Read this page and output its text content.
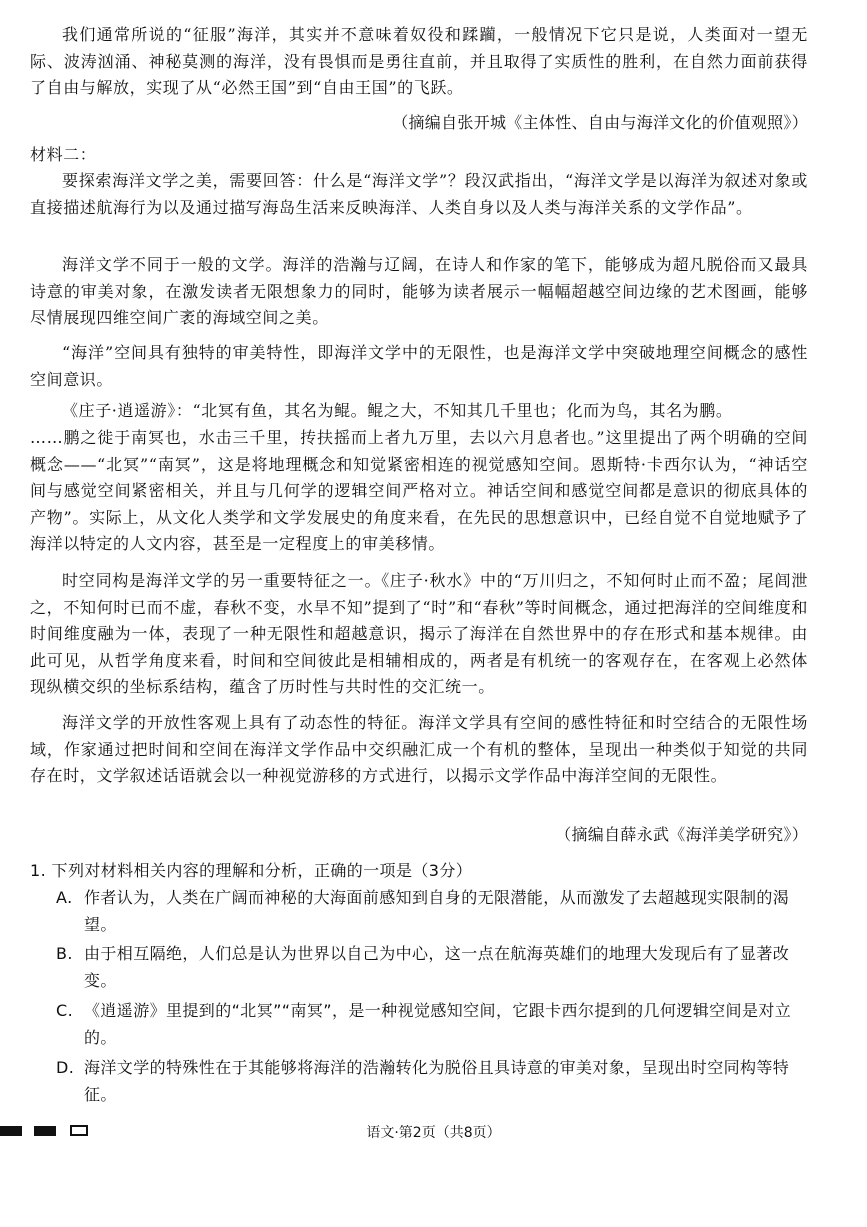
我们通常所说的“征服”海洋，其实并不意味着奴役和蹂躏，一般情况下它只是说，人类面对一望无际、波涛汹涌、神秘莫测的海洋，没有畏惧而是勇往直前，并且取得了实质性的胜利，在自然力面前获得了自由与解放，实现了从“必然王国”到“自由王国”的飞跃。

（摘编自张开城《主体性、自由与海洋文化的价值观照》）

材料二：

要探索海洋文学之美，需要回答：什么是“海洋文学”？段汉武指出，“海洋文学是以海洋为叙述对象或直接描述航海行为以及通过描写海岛生活来反映海洋、人类自身以及人类与海洋关系的文学作品”。

海洋文学不同于一般的文学。海洋的浩瀚与辽阔，在诗人和作家的笔下，能够成为超凡脱俗而又最具诗意的审美对象，在激发读者无限想象力的同时，能够为读者展示一幅幅超越空间边缘的艺术图画，能够尽情展现四维空间广袤的海域空间之美。

“海洋”空间具有独特的审美特性，即海洋文学中的无限性，也是海洋文学中突破地理空间概念的感性空间意识。

《庄子·逍遥游》：“北冥有鱼，其名为鲲。鲲之大，不知其几千里也；化而为鸟，其名为鹏。

……鹏之徙于南冥也，水击三千里，抟扶摇而上者九万里，去以六月息者也。”这里提出了两个明确的空间概念——“北冥”“南冥”，这是将地理概念和知觉紧密相连的视觉感知空间。恩斯特·卡西尔认为，“神话空间与感觉空间紧密相关，并且与几何学的逻辑空间严格对立。神话空间和感觉空间都是意识的彻底具体的产物”。实际上，从文化人类学和文学发展史的角度来看，在先民的思想意识中，已经自觉不自觉地赋予了海洋以特定的人文内容，甚至是一定程度上的审美移情。

时空同构是海洋文学的另一重要特征之一。《庄子·秋水》中的“万川归之，不知何时止而不盈；尾闾泄之，不知何时已而不虚，春秋不变，水旱不知”提到了“时”和“春秋”等时间概念，通过把海洋的空间维度和时间维度融为一体，表现了一种无限性和超越意识，揭示了海洋在自然世界中的存在形式和基本规律。由此可见，从哲学角度来看，时间和空间彼此是相辅相成的，两者是有机统一的客观存在，在客观上必然体现纵横交织的坐标系结构，蕴含了历时性与共时性的交汇统一。

海洋文学的开放性客观上具有了动态性的特征。海洋文学具有空间的感性特征和时空结合的无限性场域，作家通过把时间和空间在海洋文学作品中交织融汇成一个有机的整体，呈现出一种类似于知觉的共同存在时，文学叙述话语就会以一种视觉游移的方式进行，以揭示文学作品中海洋空间的无限性。

（摘编自薛永武《海洋美学研究》）

1. 下列对材料相关内容的理解和分析，正确的一项是（3分）
A. 作者认为，人类在广阔而神秘的大海面前感知到自身的无限潜能，从而激发了去超越现实限制的渴望。
B. 由于相互隔绝，人们总是认为世界以自己为中心，这一点在航海英雄们的地理大发现后有了显著改变。
C. 《逍遥游》里提到的“北冥”“南冥”，是一种视觉感知空间，它跟卡西尔提到的几何逻辑空间是对立的。
D. 海洋文学的特殊性在于其能够将海洋的浩瀚转化为脱俗且具诗意的审美对象，呈现出时空同构等特征。
语文·第2页（共8页）
